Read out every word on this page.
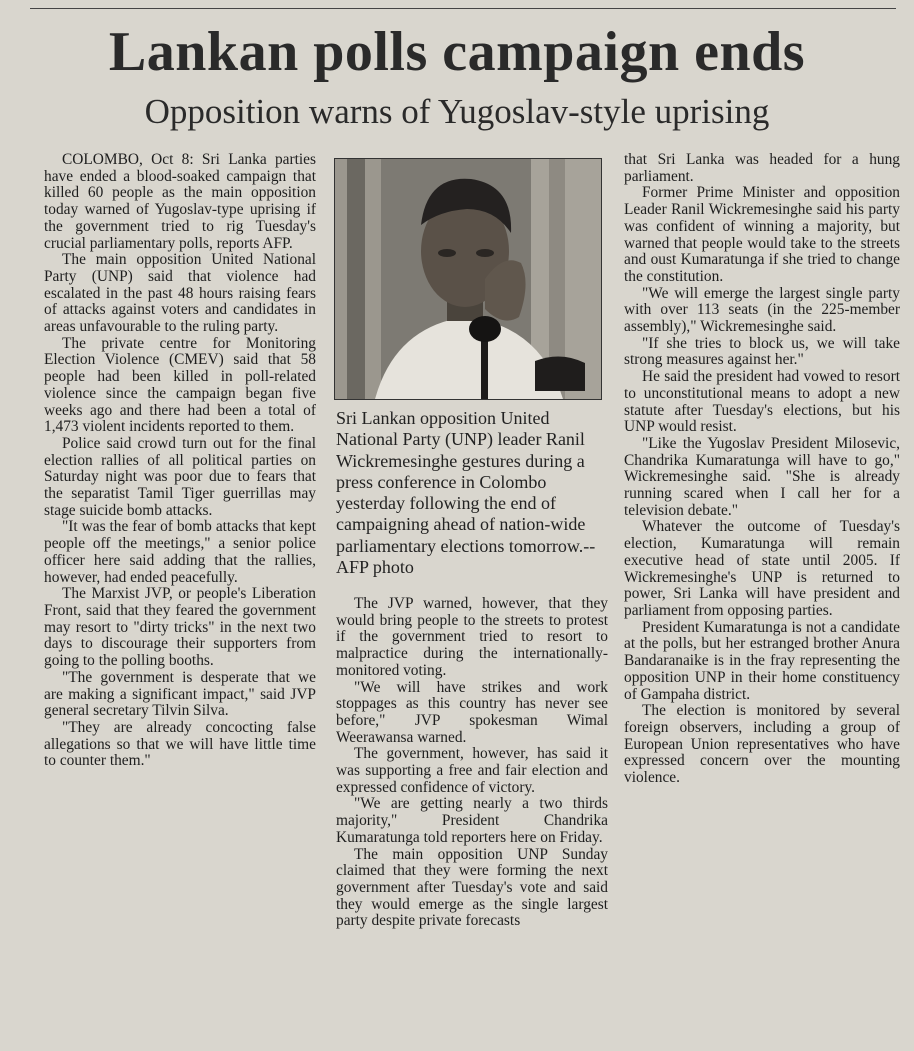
Lankan polls campaign ends
Opposition warns of Yugoslav-style uprising

COLOMBO, Oct 8: Sri Lanka parties have ended a blood-soaked campaign that killed 60 people as the main opposition today warned of Yugoslav-type uprising if the government tried to rig Tuesday's crucial parliamentary polls, reports AFP.

The main opposition United National Party (UNP) said that violence had escalated in the past 48 hours raising fears of attacks against voters and candidates in areas unfavourable to the ruling party.

The private centre for Monitoring Election Violence (CMEV) said that 58 people had been killed in poll-related violence since the campaign began five weeks ago and there had been a total of 1,473 violent incidents reported to them.

Police said crowd turn out for the final election rallies of all political parties on Saturday night was poor due to fears that the separatist Tamil Tiger guerrillas may stage suicide bomb attacks.

"It was the fear of bomb attacks that kept people off the meetings," a senior police officer here said adding that the rallies, however, had ended peacefully.

The Marxist JVP, or people's Liberation Front, said that they feared the government may resort to "dirty tricks" in the next two days to discourage their supporters from going to the polling booths.

"The government is desperate that we are making a significant impact," said JVP general secretary Tilvin Silva.

"They are already concocting false allegations so that we will have little time to counter them."

Sri Lankan opposition United National Party (UNP) leader Ranil Wickremesinghe gestures during a press conference in Colombo yesterday following the end of campaigning ahead of nation-wide parliamentary elections tomorrow.--AFP photo

The JVP warned, however, that they would bring people to the streets to protest if the government tried to resort to malpractice during the internationally-monitored voting.

"We will have strikes and work stoppages as this country has never see before," JVP spokesman Wimal Weerawansa warned.

The government, however, has said it was supporting a free and fair election and expressed confidence of victory.

"We are getting nearly a two thirds majority," President Chandrika Kumaratunga told reporters here on Friday.

The main opposition UNP Sunday claimed that they were forming the next government after Tuesday's vote and said they would emerge as the single largest party despite private forecasts

that Sri Lanka was headed for a hung parliament.

Former Prime Minister and opposition Leader Ranil Wickremesinghe said his party was confident of winning a majority, but warned that people would take to the streets and oust Kumaratunga if she tried to change the constitution.

"We will emerge the largest single party with over 113 seats (in the 225-member assembly)," Wickremesinghe said.

"If she tries to block us, we will take strong measures against her."

He said the president had vowed to resort to unconstitutional means to adopt a new statute after Tuesday's elections, but his UNP would resist.

"Like the Yugoslav President Milosevic, Chandrika Kumaratunga will have to go," Wickremesinghe said. "She is already running scared when I call her for a television debate."

Whatever the outcome of Tuesday's election, Kumaratunga will remain executive head of state until 2005. If Wickremesinghe's UNP is returned to power, Sri Lanka will have president and parliament from opposing parties.

President Kumaratunga is not a candidate at the polls, but her estranged brother Anura Bandaranaike is in the fray representing the opposition UNP in their home constituency of Gampaha district.

The election is monitored by several foreign observers, including a group of European Union representatives who have expressed concern over the mounting violence.
